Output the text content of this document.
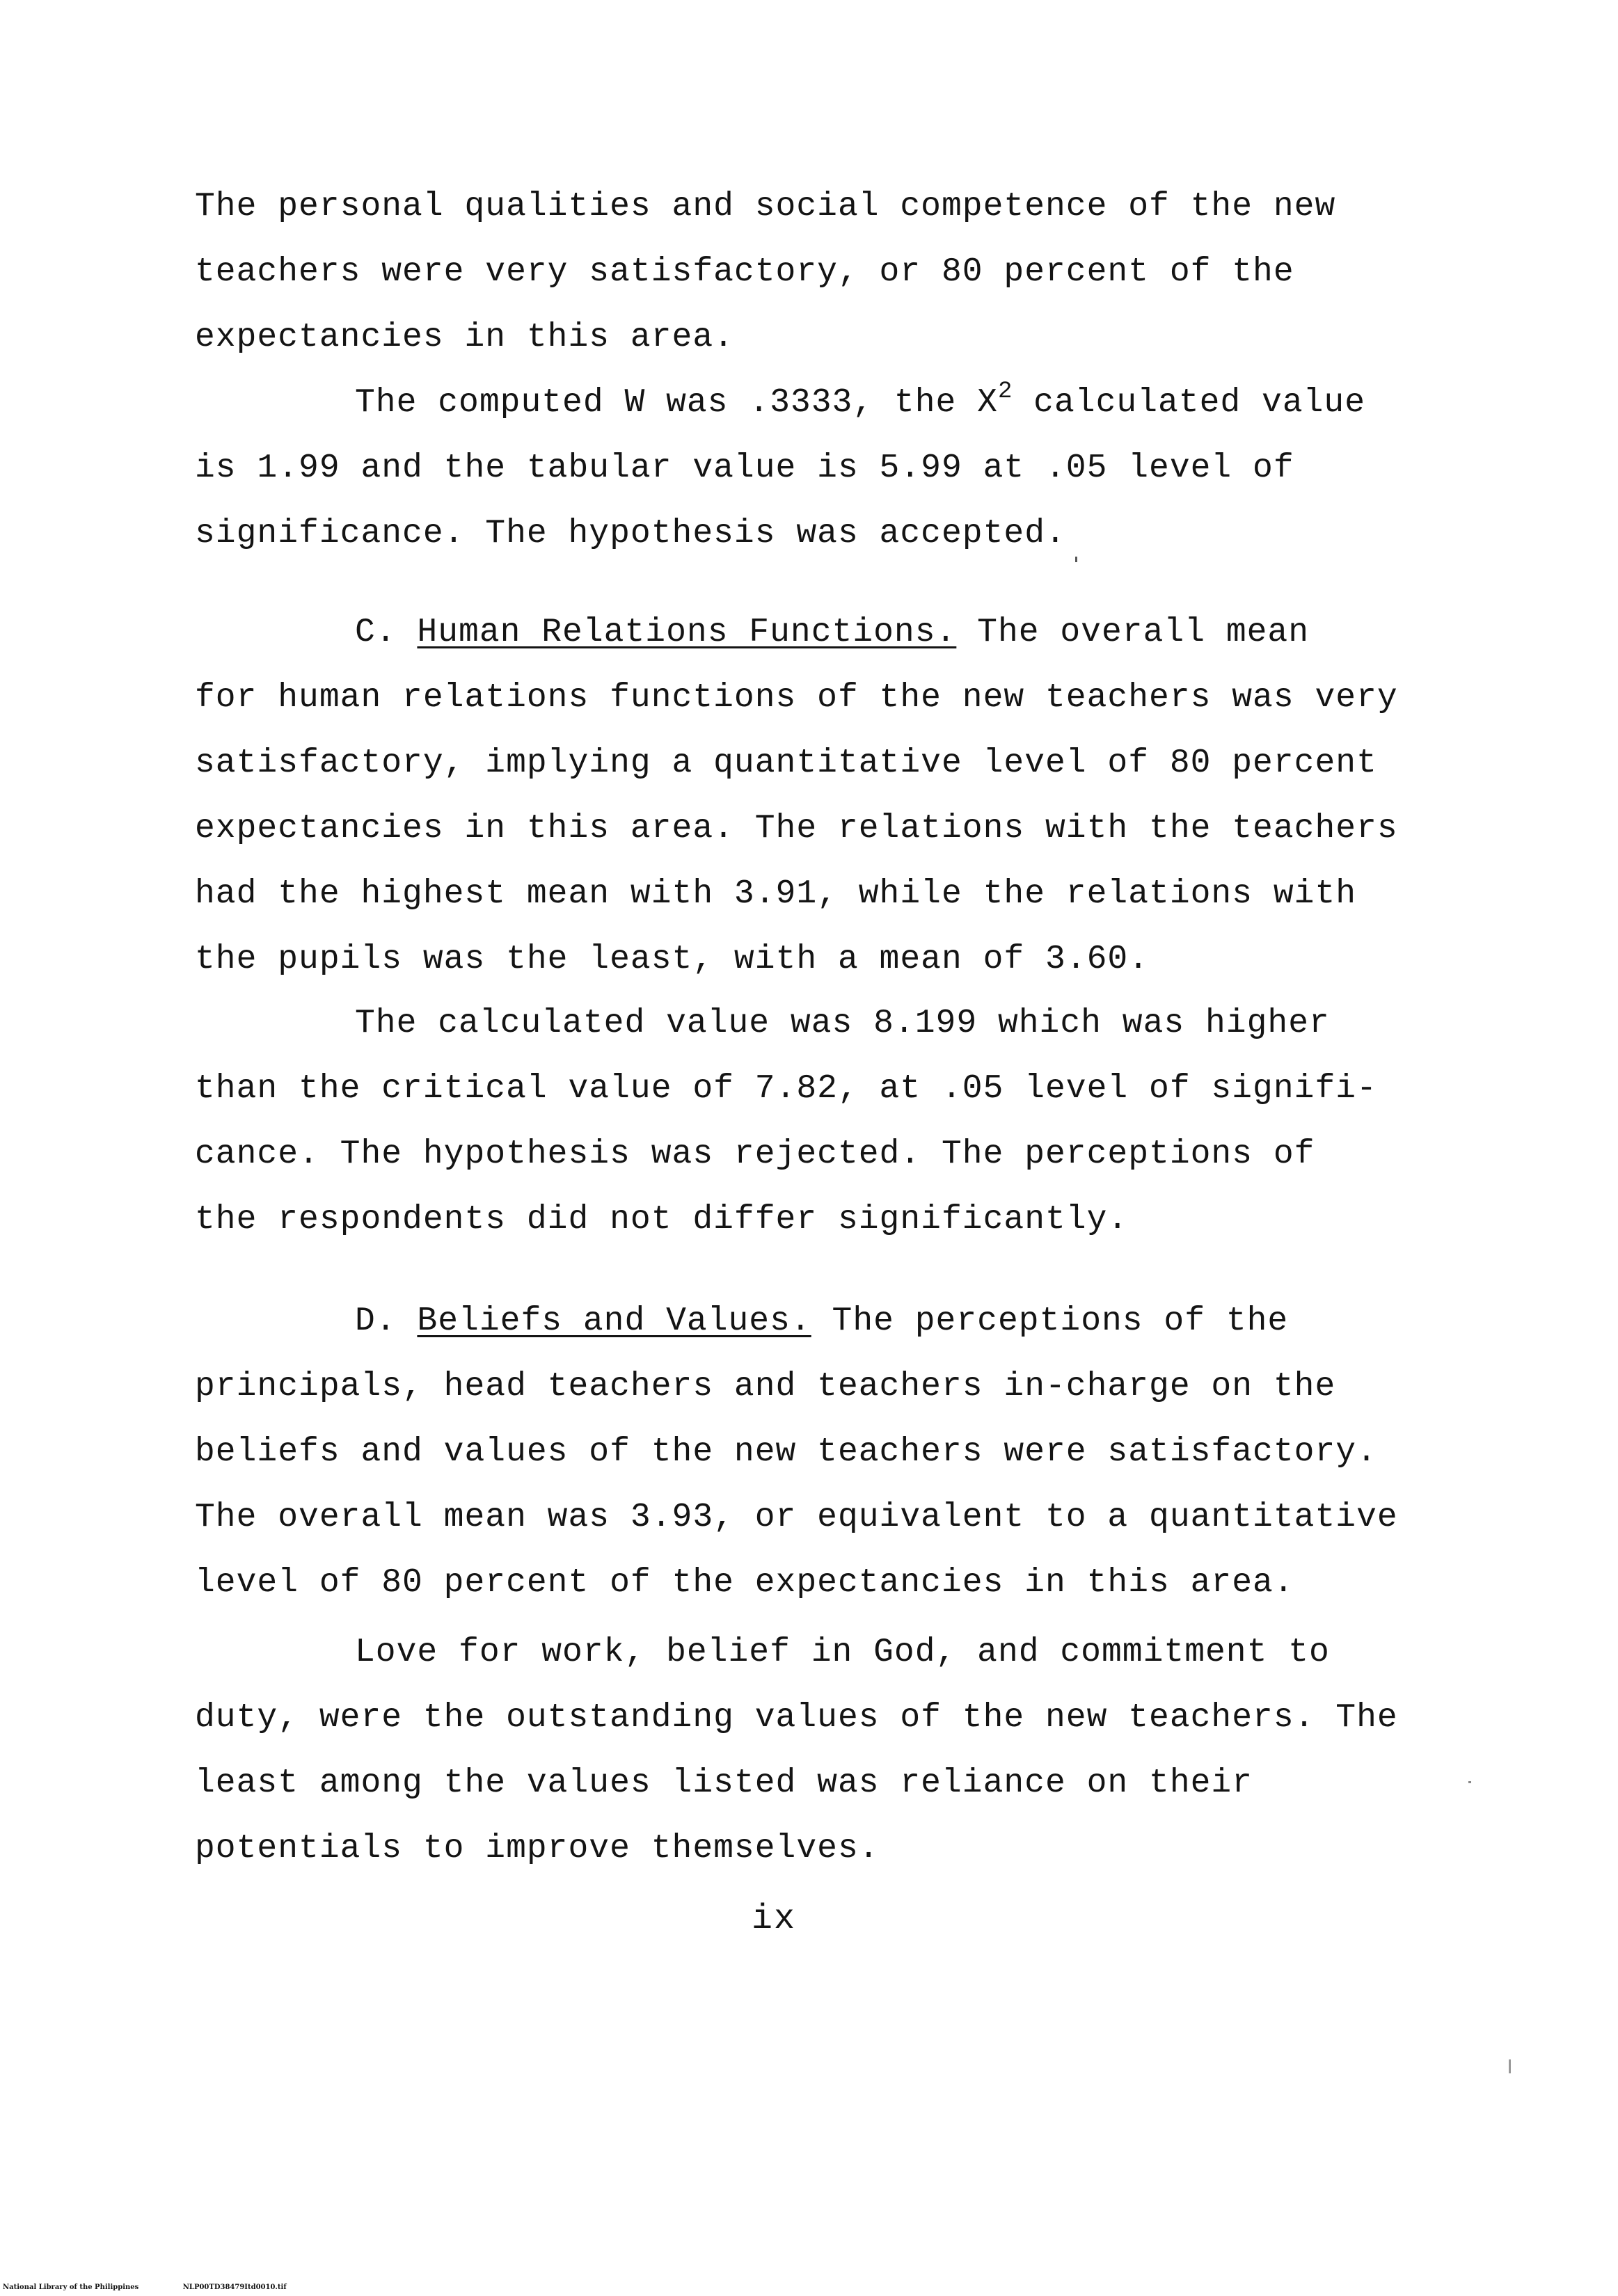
The personal qualities and social competence of the new
teachers were very satisfactory, or 80 percent of the
expectancies in this area.

The computed W was .3333, the $X^2$ calculated value
is 1.99 and the tabular value is 5.99 at .05 level of
significance. The hypothesis was accepted.

C. Human Relations Functions. The overall mean
for human relations functions of the new teachers was very
satisfactory, implying a quantitative level of 80 percent
expectancies in this area. The relations with the teachers
had the highest mean with 3.91, while the relations with
the pupils was the least, with a mean of 3.60.

The calculated value was 8.199 which was higher
than the critical value of 7.82, at .05 level of signifi-
cance. The hypothesis was rejected. The perceptions of
the respondents did not differ significantly.

D. Beliefs and Values. The perceptions of the
principals, head teachers and teachers in-charge on the
beliefs and values of the new teachers were satisfactory.
The overall mean was 3.93, or equivalent to a quantitative
level of 80 percent of the expectancies in this area.

Love for work, belief in God, and commitment to
duty, were the outstanding values of the new teachers. The
least among the values listed was reliance on their
potentials to improve themselves.

ix
National Library of the Philippines	NLP00TD38479Itd0010.tif
